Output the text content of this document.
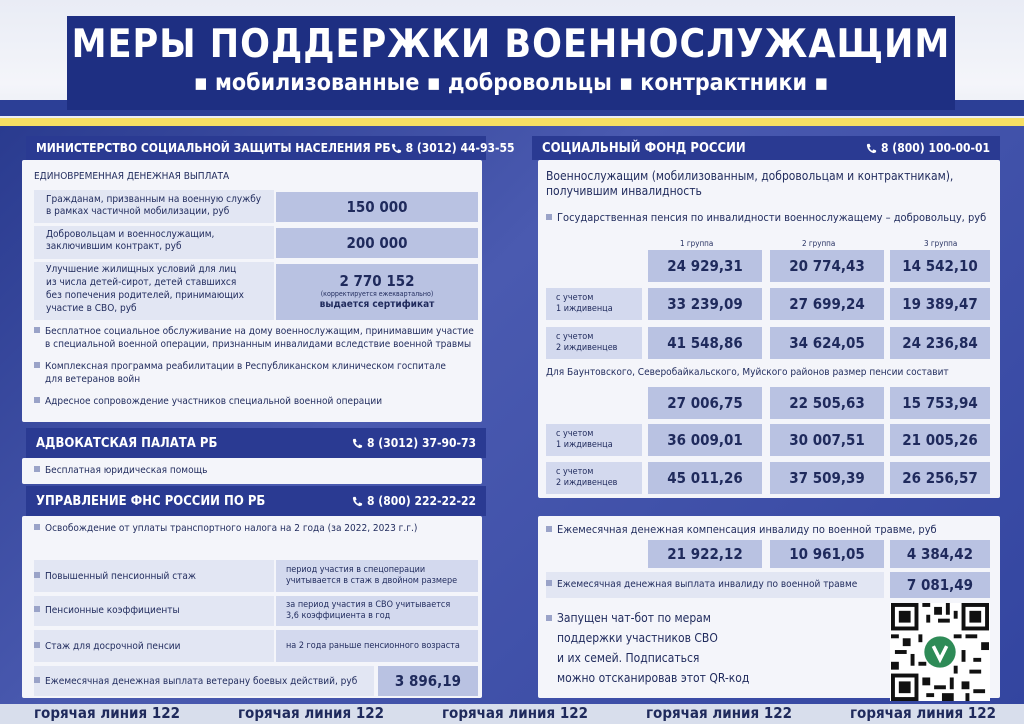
МЕРЫ ПОДДЕРЖКИ ВОЕННОСЛУЖАЩИМ
▪ мобилизованные ▪ добровольцы ▪ контрактники ▪
МИНИСТЕРСТВО СОЦИАЛЬНОЙ ЗАЩИТЫ НАСЕЛЕНИЯ РБ 8 (3012) 44-93-55
ЕДИНОВРЕМЕННАЯ ДЕНЕЖНАЯ ВЫПЛАТА
Гражданам, призванным на военную службу
в рамках частичной мобилизации, руб	150 000
Добровольцам и военнослужащим,
заключившим контракт, руб	200 000
Улучшение жилищных условий для лиц
из числа детей-сирот, детей ставшихся
без попечения родителей, принимающих
участие в СВО, руб
2 770 152
(корректируется ежеквартально)
выдается сертификат
Бесплатное социальное обслуживание на дому военнослужащим, принимавшим участие
в специальной военной операции, признанным инвалидами вследствие военной травмы
Комплексная программа реабилитации в Республиканском клиническом госпитале
для ветеранов войн
Адресное сопровождение участников специальной военной операции
АДВОКАТСКАЯ ПАЛАТА РБ	8 (3012) 37-90-73
Бесплатная юридическая помощь
УПРАВЛЕНИЕ ФНС РОССИИ ПО РБ	8 (800) 222-22-22
Освобождение от уплаты транспортного налога на 2 года (за 2022, 2023 г.г.)
Повышенный пенсионный стаж
период участия в спецоперации
учитывается в стаж в двойном размере
Пенсионные коэффициенты	за период участия в СВО учитывается
3,6 коэффициента в год
Стаж для досрочной пенсии	на 2 года раньше пенсионного возраста
Ежемесячная денежная выплата ветерану боевых действий, руб	3 896,19
СОЦИАЛЬНЫЙ ФОНД РОССИИ	8 (800) 100-00-01
Военнослужащим (мобилизованным, добровольцам и контрактникам),
получившим инвалидность
Государственная пенсия по инвалидности военнослужащему – добровольцу, руб
1 группа	2 группа	3 группа
24 929,31	20 774,43	14 542,10
с учетом
1 иждивенца	33 239,09	27 699,24	19 389,47
с учетом
2 иждивенцев	41 548,86	34 624,05	24 236,84
Для Баунтовского, Северобайкальского, Муйского районов размер пенсии составит
27 006,75	22 505,63	15 753,94
с учетом
1 иждивенца	36 009,01	30 007,51	21 005,26
с учетом
2 иждивенцев	45 011,26	37 509,39	26 256,57
Ежемесячная денежная компенсация инвалиду по военной травме, руб
21 922,12	10 961,05	4 384,42
Ежемесячная денежная выплата инвалиду по военной травме	7 081,49
Запущен чат-бот по мерам
поддержки участников СВО
и их семей. Подписаться
можно отсканировав этот QR-код
горячая линия 122	горячая линия 122	горячая линия 122	горячая линия 122	горячая линия 122
